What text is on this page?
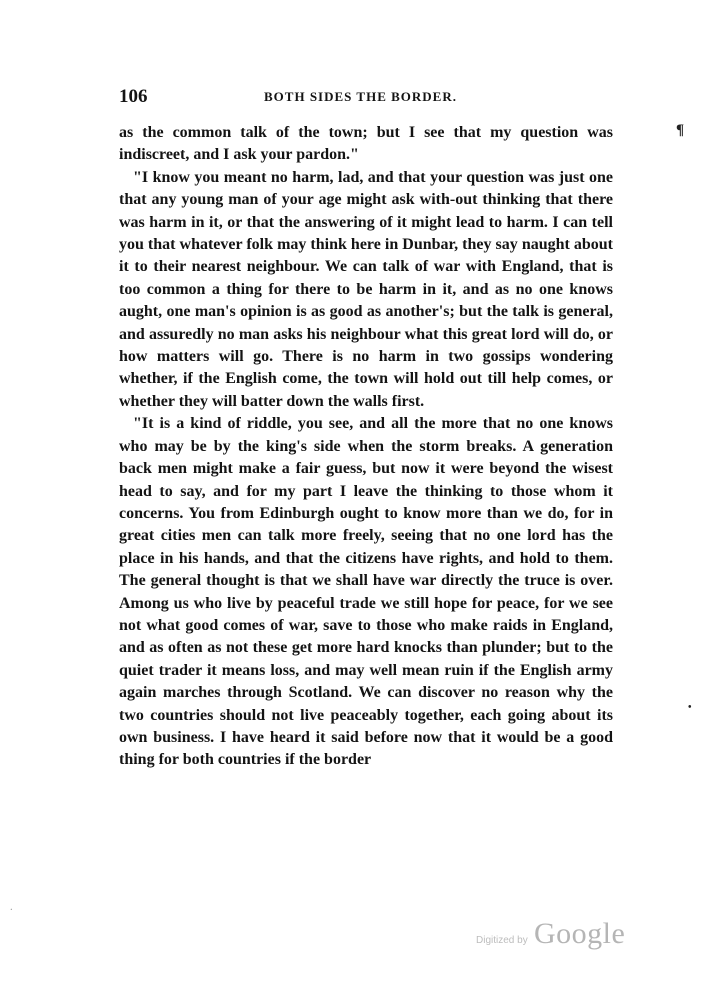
106	BOTH SIDES THE BORDER.

as the common talk of the town; but I see that my question was indiscreet, and I ask your pardon."

"I know you meant no harm, lad, and that your question was just one that any young man of your age might ask with-out thinking that there was harm in it, or that the answering of it might lead to harm. I can tell you that whatever folk may think here in Dunbar, they say naught about it to their nearest neighbour. We can talk of war with England, that is too common a thing for there to be harm in it, and as no one knows aught, one man's opinion is as good as another's; but the talk is general, and assuredly no man asks his neighbour what this great lord will do, or how matters will go. There is no harm in two gossips wondering whether, if the English come, the town will hold out till help comes, or whether they will batter down the walls first.

"It is a kind of riddle, you see, and all the more that no one knows who may be by the king's side when the storm breaks. A generation back men might make a fair guess, but now it were beyond the wisest head to say, and for my part I leave the thinking to those whom it concerns. You from Edinburgh ought to know more than we do, for in great cities men can talk more freely, seeing that no one lord has the place in his hands, and that the citizens have rights, and hold to them. The general thought is that we shall have war directly the truce is over. Among us who live by peaceful trade we still hope for peace, for we see not what good comes of war, save to those who make raids in England, and as often as not these get more hard knocks than plunder; but to the quiet trader it means loss, and may well mean ruin if the English army again marches through Scotland. We can discover no reason why the two countries should not live peaceably together, each going about its own business. I have heard it said before now that it would be a good thing for both countries if the border

¶
•
·
Digitized by Google
